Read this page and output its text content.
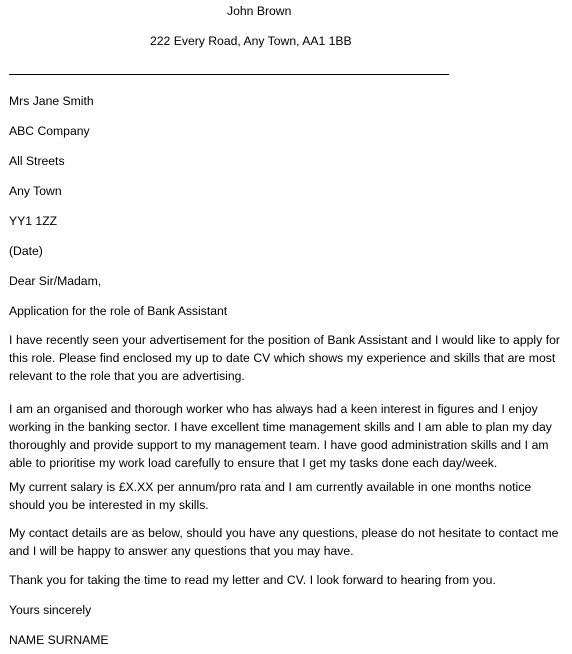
John Brown
222 Every Road, Any Town, AA1 1BB
Mrs Jane Smith
ABC Company
All Streets
Any Town
YY1 1ZZ
(Date)
Dear Sir/Madam,
Application for the role of Bank Assistant
I have recently seen your advertisement for the position of Bank Assistant and I would like to apply for this role. Please find enclosed my up to date CV which shows my experience and skills that are most relevant to the role that you are advertising.
I am an organised and thorough worker who has always had a keen interest in figures and I enjoy working in the banking sector. I have excellent time management skills and I am able to plan my day thoroughly and provide support to my management team. I have good administration skills and I am able to prioritise my work load carefully to ensure that I get my tasks done each day/week.
My current salary is £X.XX per annum/pro rata and I am currently available in one months notice should you be interested in my skills.
My contact details are as below, should you have any questions, please do not hesitate to contact me and I will be happy to answer any questions that you may have.
Thank you for taking the time to read my letter and CV. I look forward to hearing from you.
Yours sincerely
NAME SURNAME
